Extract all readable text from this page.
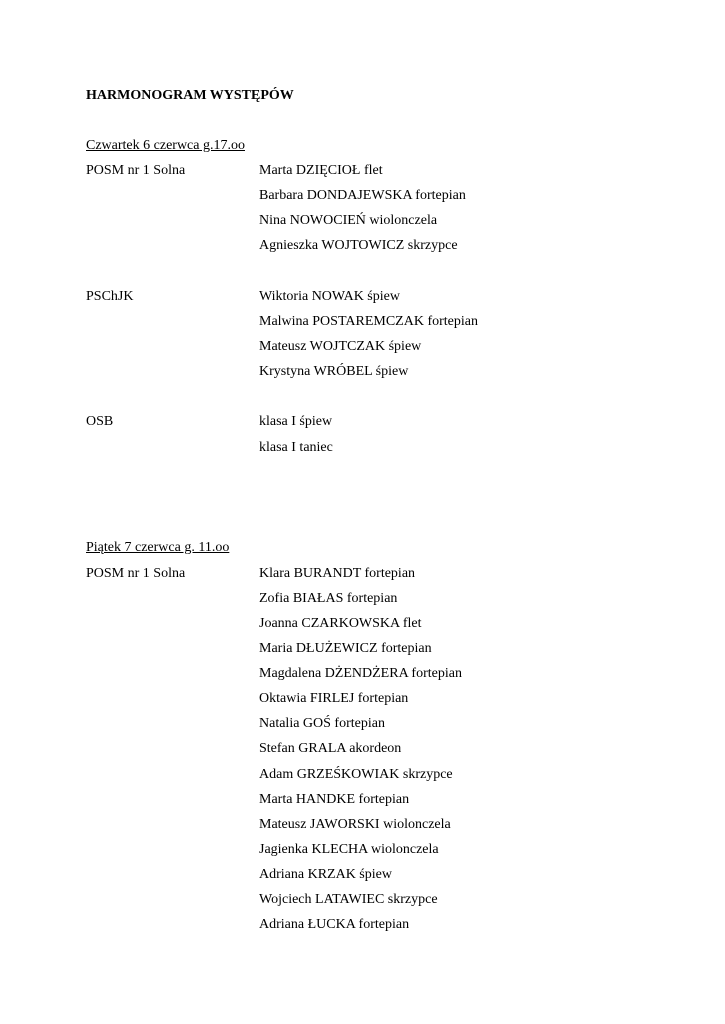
HARMONOGRAM WYSTĘPÓW
Czwartek 6 czerwca g.17.oo
POSM nr 1 Solna	Marta DZIĘCIOŁ flet
Barbara DONDAJEWSKA fortepian
Nina NOWOCIEŃ wiolonczela
Agnieszka WOJTOWICZ skrzypce
PSChJK	Wiktoria NOWAK śpiew
Malwina POSTAREMCZAK fortepian
Mateusz WOJTCZAK śpiew
Krystyna WRÓBEL śpiew
OSB	klasa I śpiew
klasa I taniec
Piątek 7 czerwca g. 11.oo
POSM nr 1 Solna	Klara BURANDT fortepian
Zofia BIAŁAS fortepian
Joanna CZARKOWSKA flet
Maria DŁUŻEWICZ fortepian
Magdalena DŻENDŻERA fortepian
Oktawia FIRLEJ fortepian
Natalia GOŚ fortepian
Stefan GRALA akordeon
Adam GRZEŚKOWIAK skrzypce
Marta HANDKE fortepian
Mateusz JAWORSKI wiolonczela
Jagienka KLECHA wiolonczela
Adriana KRZAK śpiew
Wojciech LATAWIEC skrzypce
Adriana ŁUCKA fortepian
